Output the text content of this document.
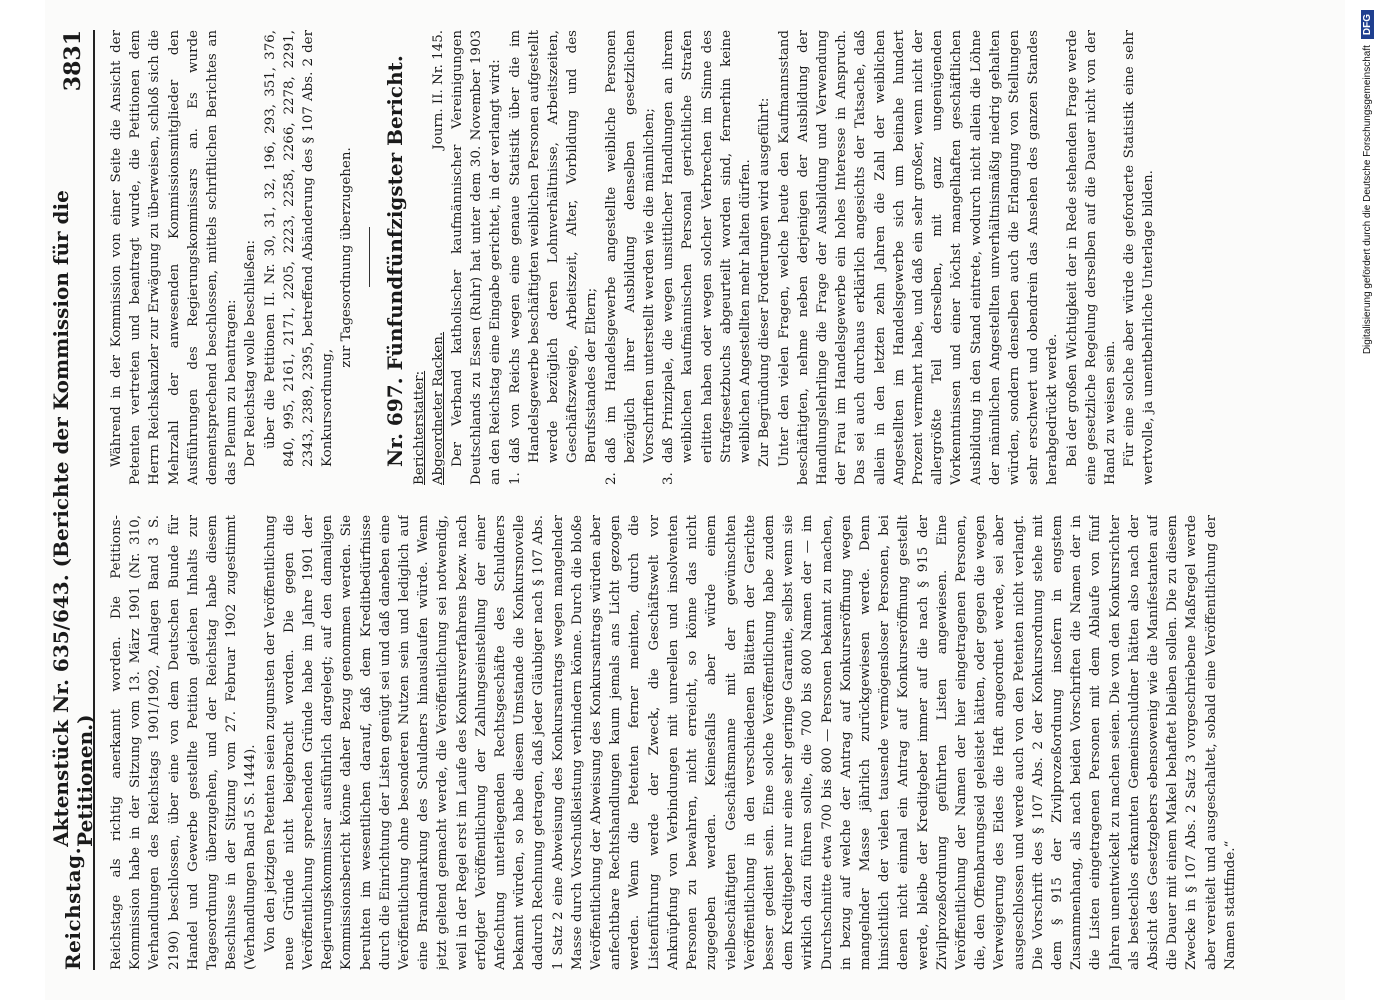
Reichstag.
Aktenstück Nr. 635/643. (Berichte der Kommission für die Petitionen.)
3831

Reichstage als richtig anerkannt worden. Die Petitions-Kommission habe in der Sitzung vom 13. März 1901 (Nr. 310, Verhandlungen des Reichstags 1901/1902, Anlagen Band 3 S. 2190) beschlossen, über eine von dem Deutschen Bunde für Handel und Gewerbe gestellte Petition gleichen Inhalts zur Tagesordnung überzugehen, und der Reichstag habe diesem Beschlusse in der Sitzung vom 27. Februar 1902 zugestimmt (Verhandlungen Band 5 S. 1444). Von den jetzigen Petenten seien zugunsten der Veröffentlichung neue Gründe nicht beigebracht worden. Die gegen die Veröffentlichung sprechenden Gründe habe im Jahre 1901 der Regierungskommissar ausführlich dargelegt; auf den damaligen Kommissionsbericht könne daher Bezug genommen werden. Sie beruhten im wesentlichen darauf, daß dem Kreditbedürfnisse durch die Einrichtung der Listen genügt sei und daß daneben eine Veröffentlichung ohne besonderen Nutzen sein und lediglich auf eine Brandmarkung des Schuldners hinauslaufen würde. Wenn jetzt geltend gemacht werde, die Veröffentlichung sei notwendig, weil in der Regel erst im Laufe des Konkursverfahrens bezw. nach erfolgter Veröffentlichung der Zahlungseinstellung der einer Anfechtung unterliegenden Rechtsgeschäfte des Schuldners bekannt würden, so habe diesem Umstande die Konkursnovelle dadurch Rechnung getragen, daß jeder Gläubiger nach § 107 Abs. 1 Satz 2 eine Abweisung des Konkursantrags wegen mangelnder Masse durch Vorschußleistung verhindern könne. Durch die bloße Veröffentlichung der Abweisung des Konkursantrags würden aber anfechtbare Rechtshandlungen kaum jemals ans Licht gezogen werden. Wenn die Petenten ferner meinten, durch die Listenführung werde der Zweck, die Geschäftswelt vor Anknüpfung von Verbindungen mit unreellen und insolventen Personen zu bewahren, nicht erreicht, so könne das nicht zugegeben werden. Keinesfalls aber würde einem vielbeschäftigten Geschäftsmanne mit der gewünschten Veröffentlichung in den verschiedenen Blättern der Gerichte besser gedient sein. Eine solche Veröffentlichung habe zudem dem Kreditgeber nur eine sehr geringe Garantie, selbst wenn sie wirklich dazu führen sollte, die 700 bis 800 Namen der — im Durchschnitte etwa 700 bis 800 — Personen bekannt zu machen, in bezug auf welche der Antrag auf Konkurseröffnung wegen mangelnder Masse jährlich zurückgewiesen werde. Denn hinsichtlich der vielen tausende vermögensloser Personen, bei denen nicht einmal ein Antrag auf Konkurseröffnung gestellt werde, bleibe der Kreditgeber immer auf die nach § 915 der Zivilprozeßordnung geführten Listen angewiesen. Eine Veröffentlichung der Namen der hier eingetragenen Personen, die, den Offenbarungseid geleistet hätten, oder gegen die wegen Verweigerung des Eides die Haft angeordnet werde, sei aber ausgeschlossen und werde auch von den Petenten nicht verlangt. Die Vorschrift des § 107 Abs. 2 der Konkursordnung stehe mit dem § 915 der Zivilprozeßordnung insofern in engstem Zusammenhang, als nach beiden Vorschriften die Namen der in die Listen eingetragenen Personen mit dem Ablaufe von fünf Jahren unentwickelt zu machen seien. Die von den Konkursrichter als bestechlos erkannten Gemeinschuldner hätten also nach der Absicht des Gesetzgebers ebensowenig wie die Manifestanten auf die Dauer mit einem Makel behaftet bleiben sollen. Die zu diesem Zwecke in § 107 Abs. 2 Satz 3 vorgeschriebene Maßregel werde aber vereitelt und ausgeschaltet, sobald eine Veröffentlichung der Namen stattfinde.“

Während in der Kommission von einer Seite die Ansicht der Petenten vertreten und beantragt wurde, die Petitionen dem Herrn Reichskanzler zur Erwägung zu überweisen, schloß sich die Mehrzahl der anwesenden Kommissionsmitglieder den Ausführungen des Regierungskommissars an. Es wurde dementsprechend beschlossen, mittels schriftlichen Berichtes an das Plenum zu beantragen: Der Reichstag wolle beschließen: über die Petitionen II. Nr. 30, 31, 32, 196, 293, 351, 376, 840, 995, 2161, 2171, 2205, 2223, 2258, 2266, 2278, 2291, 2343, 2389, 2395, betreffend Abänderung des § 107 Abs. 2 der Konkursordnung,

zur Tagesordnung überzugehen. Nr. 697. Fünfundfünfzigster Bericht. Berichterstatter: Abgeordneter Racken.
Journ. II. Nr. 145. Der Verband katholischer kaufmännischer Vereinigungen Deutschlands zu Essen (Ruhr) hat unter dem 30. November 1903 an den Reichstag eine Eingabe gerichtet, in der verlangt wird: 1.
daß von Reichs wegen eine genaue Statistik über die im Handelsgewerbe beschäftigten weiblichen Personen aufgestellt werde bezüglich deren Lohnverhältnisse, Arbeitszeiten, Geschäftszweige, Arbeitszeit, Alter, Vorbildung und des Berufsstandes der Eltern;
2.
daß im Handelsgewerbe angestellte weibliche Personen bezüglich ihrer Ausbildung denselben gesetzlichen Vorschriften unterstellt werden wie die männlichen;
3.
daß Prinzipale, die wegen unsittlicher Handlungen an ihrem weiblichen kaufmännischen Personal gerichtliche Strafen erlitten haben oder wegen solcher Verbrechen im Sinne des Strafgesetzbuchs abgeurteilt worden sind, fernerhin keine weiblichen Angestellten mehr halten dürfen. Zur Begründung dieser Forderungen wird ausgeführt: Unter den vielen Fragen, welche heute den Kaufmannsstand beschäftigten, nehme neben derjenigen der Ausbildung der Handlungslehrlinge die Frage der Ausbildung und Verwendung der Frau im Handelsgewerbe ein hohes Interesse in Anspruch. Das sei auch durchaus erklärlich angesichts der Tatsache, daß allein in den letzten zehn Jahren die Zahl der weiblichen Angestellten im Handelsgewerbe sich um beinahe hundert Prozent vermehrt habe, und daß ein sehr großer, wenn nicht der allergrößte Teil derselben, mit ganz ungenügenden Vorkenntnissen und einer höchst mangelhaften geschäftlichen Ausbildung in den Stand eintrete, wodurch nicht allein die Löhne der männlichen Angestellten unverhältnismäßig niedrig gehalten würden, sondern denselben auch die Erlangung von Stellungen sehr erschwert und obendrein das Ansehen des ganzen Standes herabgedrückt werde. Bei der großen Wichtigkeit der in Rede stehenden Frage werde eine gesetzliche Regelung derselben auf die Dauer nicht von der Hand zu weisen sein. Für eine solche aber würde die geforderte Statistik eine sehr wertvolle, ja unentbehrliche Unterlage bilden.	Digitalisierung gefördert durch die Deutsche Forschungsgemeinschaft
DFG
